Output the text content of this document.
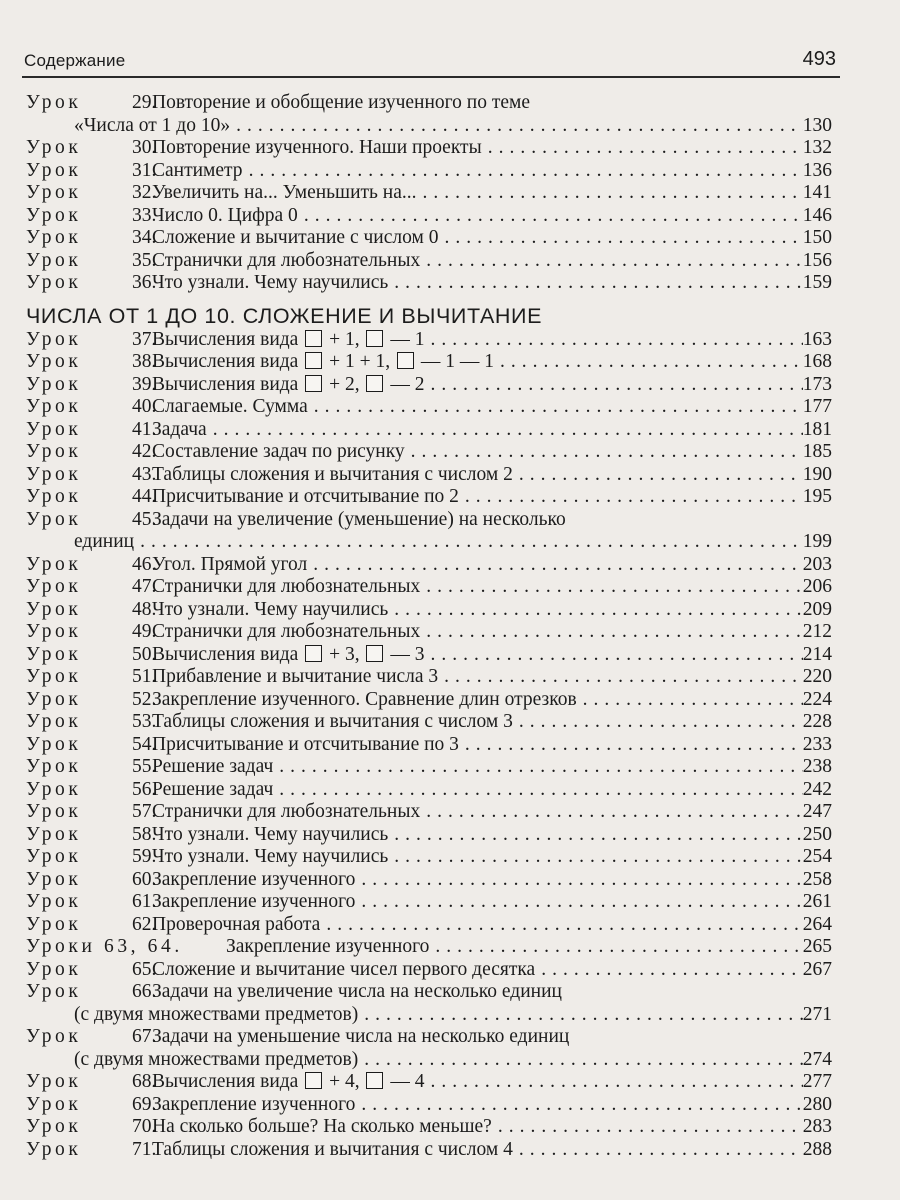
Содержание	493
Урок	29.
Повторение и обобщение изученного по теме
«Числа от 1 до 10» .....	130
Урок	30.
Повторение изученного. Наши проекты .....	132
Урок	31.
Сантиметр .....	136
Урок	32.
Увеличить на... Уменьшить на... .....	141
Урок	33.
Число 0. Цифра 0 .....	146
Урок	34.
Сложение и вычитание с числом 0 .....	150
Урок	35.
Странички для любознательных .....	156
Урок	36.
Что узнали. Чему научились .....	159
ЧИСЛА ОТ 1 ДО 10. СЛОЖЕНИЕ И ВЫЧИТАНИЕ
Урок	37.
Вычисления вида  + 1,  — 1 .....	163
Урок	38.
Вычисления вида  + 1 + 1,  — 1 — 1 .....	168
Урок	39.
Вычисления вида  + 2,  — 2 .....	173
Урок	40.
Слагаемые. Сумма .....	177
Урок	41.
Задача .....	181
Урок	42.
Составление задач по рисунку .....	185
Урок	43.
Таблицы сложения и вычитания с числом 2 .....	190
Урок	44.
Присчитывание и отсчитывание по 2 .....	195
Урок	45.
Задачи на увеличение (уменьшение) на несколько
единиц .....	199
Урок	46.
Угол. Прямой угол .....	203
Урок	47.
Странички для любознательных .....	206
Урок	48.
Что узнали. Чему научились .....	209
Урок	49.
Странички для любознательных .....	212
Урок	50.
Вычисления вида  + 3,  — 3 .....	214
Урок	51.
Прибавление и вычитание числа 3 .....	220
Урок	52.
Закрепление изученного. Сравнение длин отрезков .....	224
Урок	53.
Таблицы сложения и вычитания с числом 3 .....	228
Урок	54.
Присчитывание и отсчитывание по 3 .....	233
Урок	55.
Решение задач .....	238
Урок	56.
Решение задач .....	242
Урок	57.
Странички для любознательных .....	247
Урок	58.
Что узнали. Чему научились .....	250
Урок	59.
Что узнали. Чему научились .....	254
Урок	60.
Закрепление изученного .....	258
Урок	61.
Закрепление изученного .....	261
Урок	62.
Проверочная работа .....	264
Уроки 63, 64. Закрепление изученного .....	265
Урок	65.
Сложение и вычитание чисел первого десятка .....	267
Урок	66.
Задачи на увеличение числа на несколько единиц
(с двумя множествами предметов) .....	271
Урок	67.
Задачи на уменьшение числа на несколько единиц
(с двумя множествами предметов) .....	274
Урок	68.
Вычисления вида  + 4,  — 4 .....	277
Урок	69.
Закрепление изученного .....	280
Урок	70.
На сколько больше? На сколько меньше? .....	283
Урок	71.
Таблицы сложения и вычитания с числом 4 .....	288
